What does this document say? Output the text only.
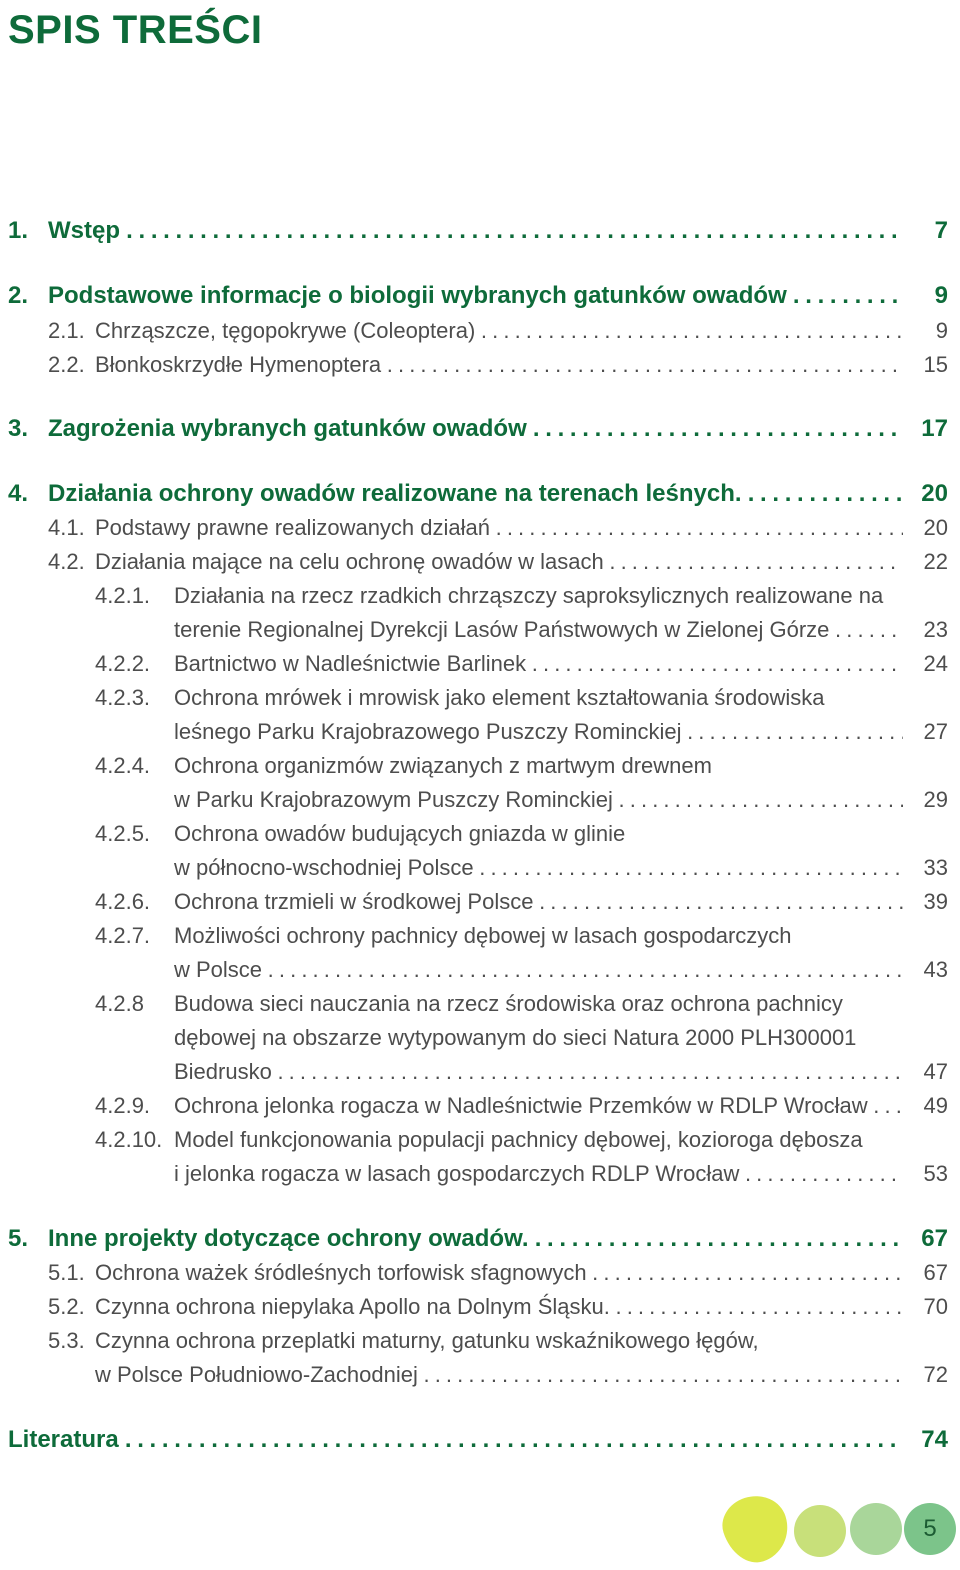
SPIS TREŚCI
1. Wstęp . . .	7
2. Podstawowe informacje o biologii wybranych gatunków owadów . . .	9
2.1. Chrząszcze, tęgopokrywe (Coleoptera) . . .	9
2.2. Błonkoskrzydłe Hymenoptera . . .	15
3. Zagrożenia wybranych gatunków owadów . . .	17
4. Działania ochrony owadów realizowane na terenach leśnych. . . .	20
4.1. Podstawy prawne realizowanych działań . . .	20
4.2. Działania mające na celu ochronę owadów w lasach . . .	22
4.2.1. Działania na rzecz rzadkich chrząszczy saproksylicznych realizowane na
terenie Regionalnej Dyrekcji Lasów Państwowych w Zielonej Górze . . .	23
4.2.2. Bartnictwo w Nadleśnictwie Barlinek . . .	24
4.2.3. Ochrona mrówek i mrowisk jako element kształtowania środowiska
leśnego Parku Krajobrazowego Puszczy Rominckiej . . .	27
4.2.4. Ochrona organizmów związanych z martwym drewnem
w Parku Krajobrazowym Puszczy Rominckiej . . .	29
4.2.5. Ochrona owadów budujących gniazda w glinie
w północno-wschodniej Polsce . . .	33
4.2.6. Ochrona trzmieli w środkowej Polsce . . .	39
4.2.7. Możliwości ochrony pachnicy dębowej w lasach gospodarczych
w Polsce . . .	43
4.2.8 Budowa sieci nauczania na rzecz środowiska oraz ochrona pachnicy
dębowej na obszarze wytypowanym do sieci Natura 2000 PLH300001
Biedrusko . . .	47
4.2.9. Ochrona jelonka rogacza w Nadleśnictwie Przemków w RDLP Wrocław . . .	49
4.2.10. Model funkcjonowania populacji pachnicy dębowej, kozioroga dębosza
i jelonka rogacza w lasach gospodarczych RDLP Wrocław . . .	53
5. Inne projekty dotyczące ochrony owadów. . . .	67
5.1. Ochrona ważek śródleśnych torfowisk sfagnowych . . .	67
5.2. Czynna ochrona niepylaka Apollo na Dolnym Śląsku. . . .	70
5.3. Czynna ochrona przeplatki maturny, gatunku wskaźnikowego łęgów,
w Polsce Południowo-Zachodniej . . .	72
Literatura . . .	74
5
